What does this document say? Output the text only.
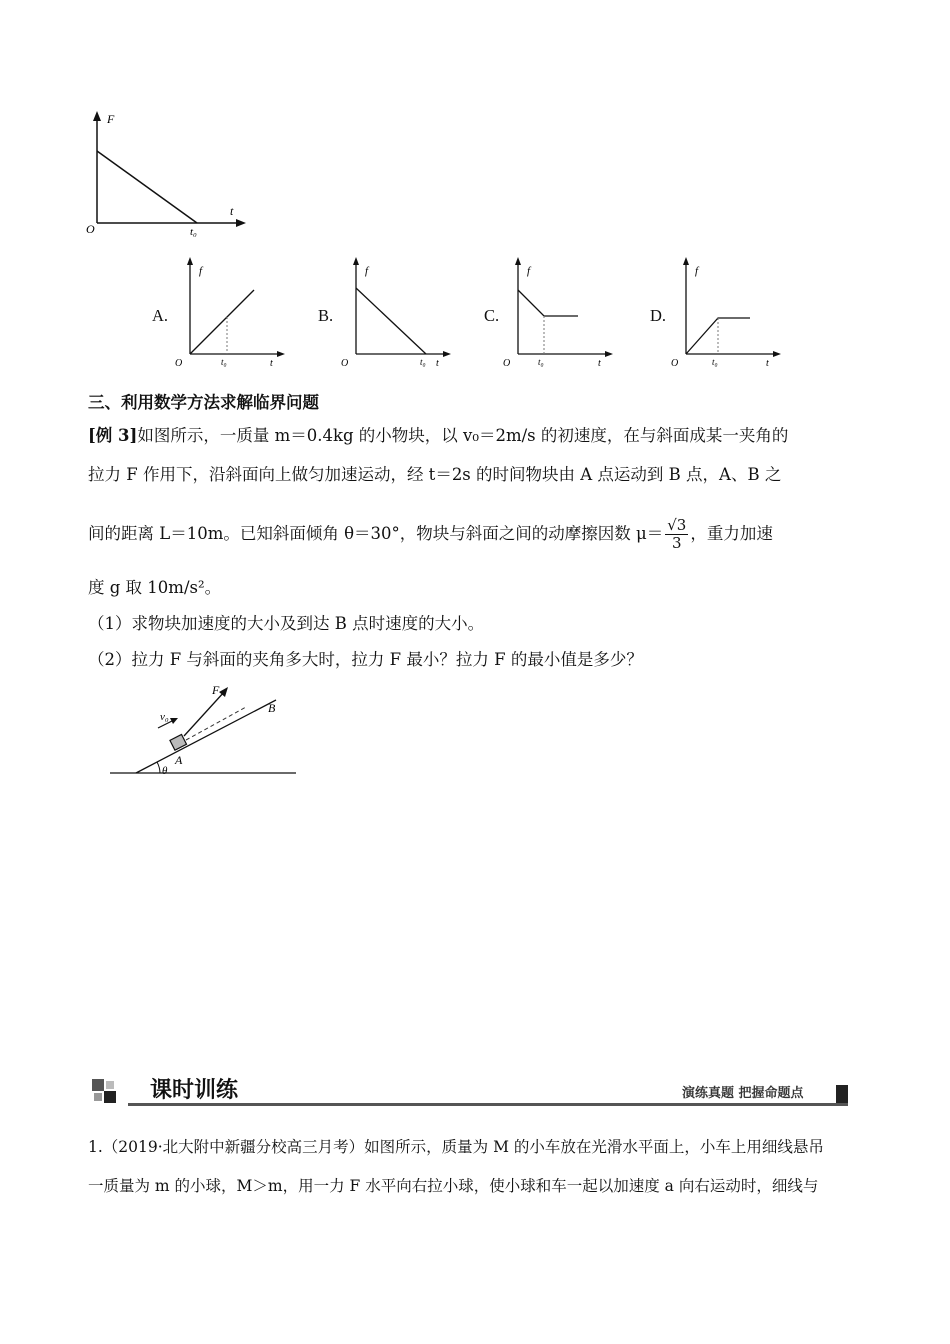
F
t
O	t₀
A.
f
t
O	t₀
B.
f
t
O	t₀
C.
f
t
O	t₀
D.
f
t
O	t₀
三、利用数学方法求解临界问题
[例 3]如图所示，一质量 m＝0.4kg 的小物块，以 v₀＝2m/s 的初速度，在与斜面成某一夹角的
拉力 F 作用下，沿斜面向上做匀加速运动，经 t＝2s 的时间物块由 A 点运动到 B 点，A、B 之
间的距离 L＝10m。已知斜面倾角 θ＝30°，物块与斜面之间的动摩擦因数 $\mu= \frac{√3}{3}$ ，重力加速
度 g 取 10m/s²。
（1）求物块加速度的大小及到达 B 点时速度的大小。
（2）拉力 F 与斜面的夹角多大时，拉力 F 最小？拉力 F 的最小值是多少？
F
v₀
B
A
θ
课时训练	演练真题 把握命题点
1.（2019·北大附中新疆分校高三月考）如图所示，质量为 M 的小车放在光滑水平面上，小车上用细线悬吊
一质量为 m 的小球，M＞m，用一力 F 水平向右拉小球，使小球和车一起以加速度 a 向右运动时，细线与
